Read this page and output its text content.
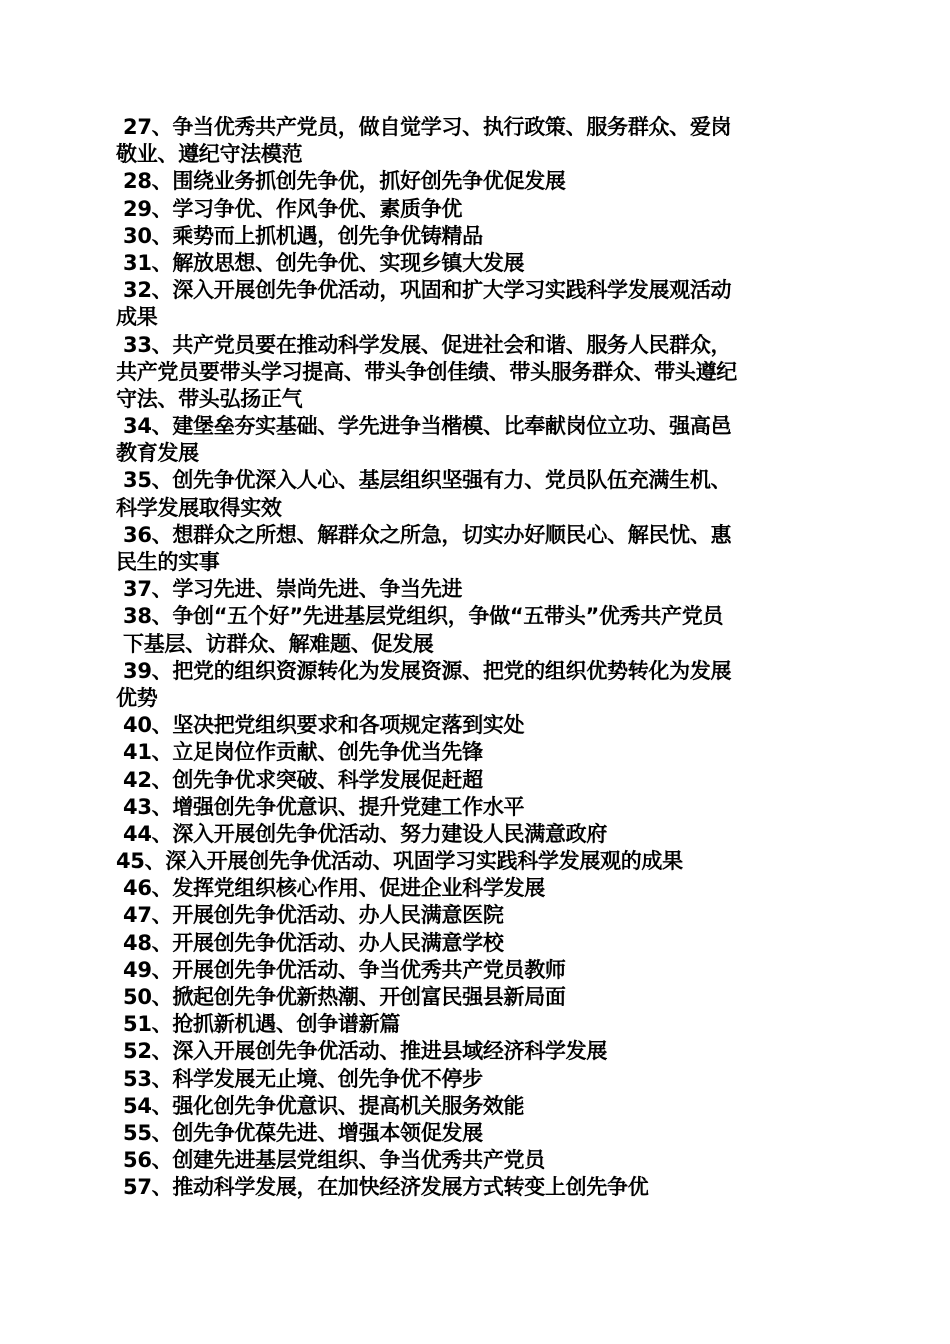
27、争当优秀共产党员，做自觉学习、执行政策、服务群众、爱岗
敬业、遵纪守法模范
28、围绕业务抓创先争优，抓好创先争优促发展
29、学习争优、作风争优、素质争优
30、乘势而上抓机遇，创先争优铸精品
31、解放思想、创先争优、实现乡镇大发展
32、深入开展创先争优活动，巩固和扩大学习实践科学发展观活动
成果
33、共产党员要在推动科学发展、促进社会和谐、服务人民群众，
共产党员要带头学习提高、带头争创佳绩、带头服务群众、带头遵纪
守法、带头弘扬正气
34、建堡垒夯实基础、学先进争当楷模、比奉献岗位立功、强高邑
教育发展
35、创先争优深入人心、基层组织坚强有力、党员队伍充满生机、
科学发展取得实效
36、想群众之所想、解群众之所急，切实办好顺民心、解民忧、惠
民生的实事
37、学习先进、崇尚先进、争当先进
38、争创“五个好”先进基层党组织，争做“五带头”优秀共产党员
下基层、访群众、解难题、促发展
39、把党的组织资源转化为发展资源、把党的组织优势转化为发展
优势
40、坚决把党组织要求和各项规定落到实处
41、立足岗位作贡献、创先争优当先锋
42、创先争优求突破、科学发展促赶超
43、增强创先争优意识、提升党建工作水平
44、深入开展创先争优活动、努力建设人民满意政府
45、深入开展创先争优活动、巩固学习实践科学发展观的成果
46、发挥党组织核心作用、促进企业科学发展
47、开展创先争优活动、办人民满意医院
48、开展创先争优活动、办人民满意学校
49、开展创先争优活动、争当优秀共产党员教师
50、掀起创先争优新热潮、开创富民强县新局面
51、抢抓新机遇、创争谱新篇
52、深入开展创先争优活动、推进县域经济科学发展
53、科学发展无止境、创先争优不停步
54、强化创先争优意识、提高机关服务效能
55、创先争优葆先进、增强本领促发展
56、创建先进基层党组织、争当优秀共产党员
57、推动科学发展，在加快经济发展方式转变上创先争优
